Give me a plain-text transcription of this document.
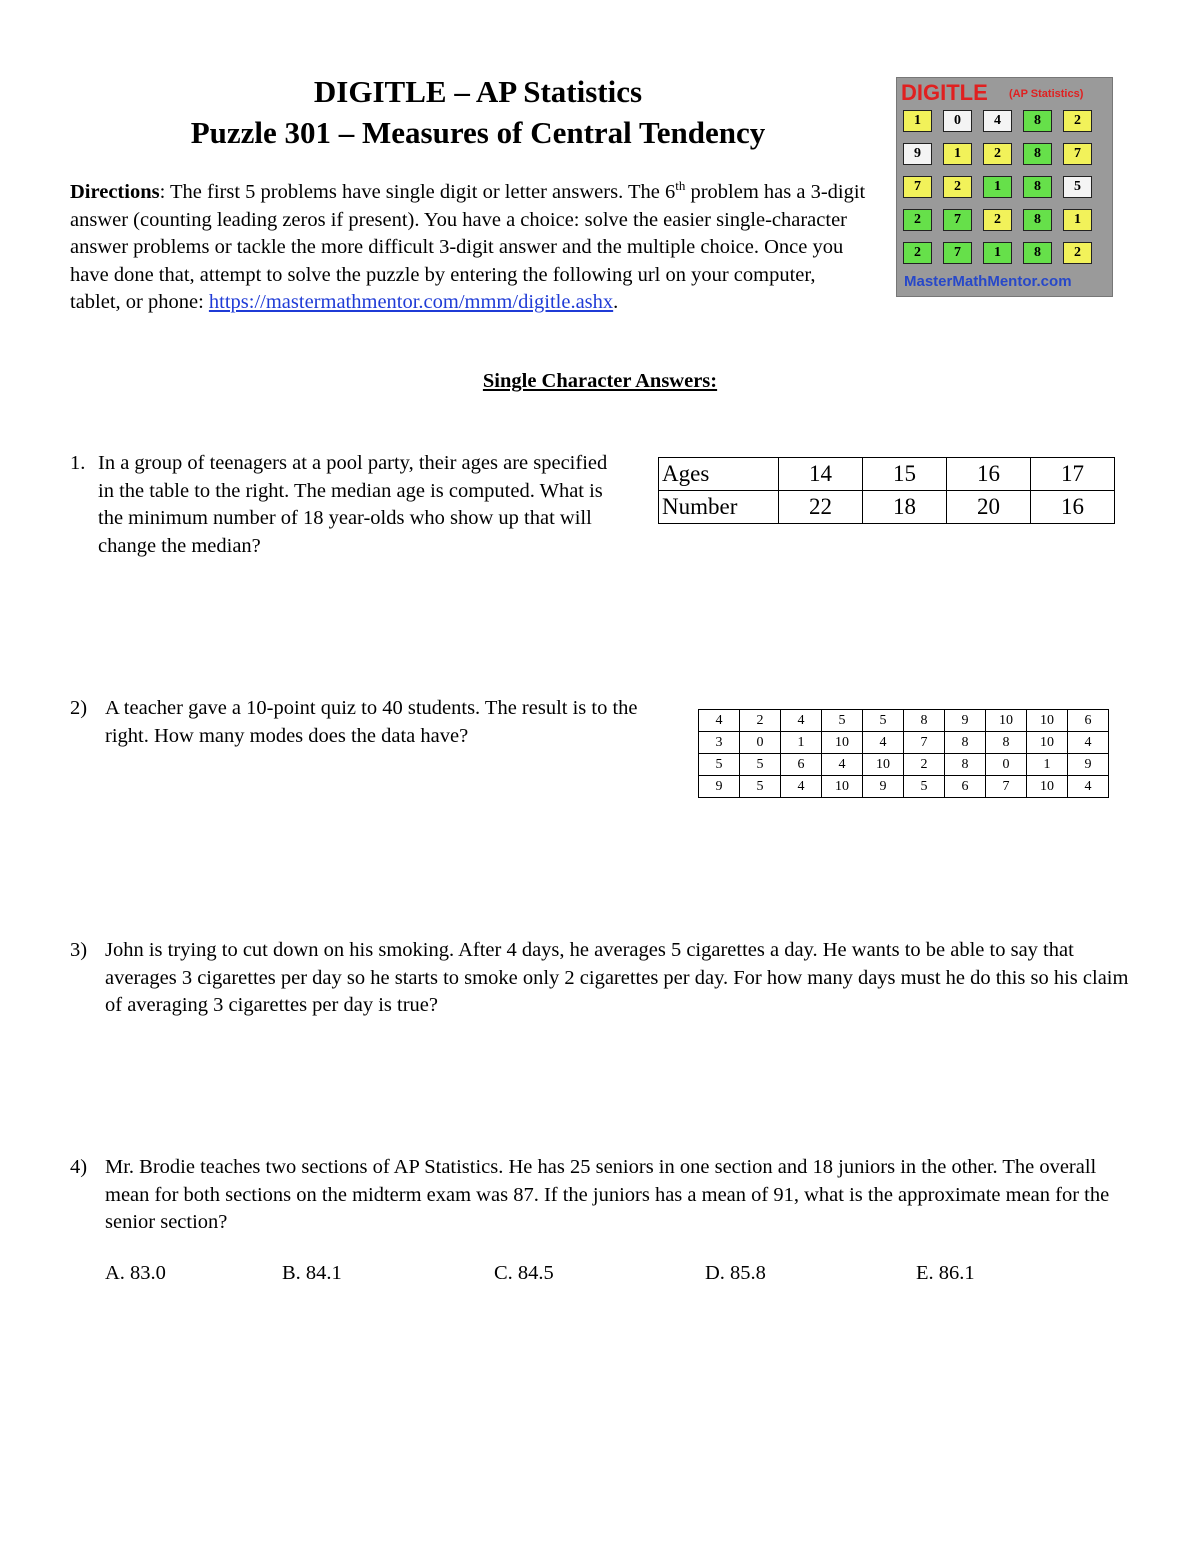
DIGITLE – AP Statistics
Puzzle 301 – Measures of Central Tendency
Directions: The first 5 problems have single digit or letter answers. The 6th problem has a 3-digit answer (counting leading zeros if present). You have a choice: solve the easier single-character answer problems or tackle the more difficult 3-digit answer and the multiple choice. Once you have done that, attempt to solve the puzzle by entering the following url on your computer, tablet, or phone: https://mastermathmentor.com/mmm/digitle.ashx.
DIGITLE (AP Statistics)
1	0	4	8	2
9	1	2	8	7
7	2	1	8	5
2	7	2	8	1
2	7	1	8	2
MasterMathMentor.com
Single Character Answers:
1. In a group of teenagers at a pool party, their ages are specified in the table to the right. The median age is computed. What is the minimum number of 18 year-olds who show up that will change the median?
Ages	14	15	16	17
Number	22	18	20	16
2) A teacher gave a 10-point quiz to 40 students. The result is to the right. How many modes does the data have?
4	2	4	5	5	8	9	10	10	6
3	0	1	10	4	7	8	8	10	4
5	5	6	4	10	2	8	0	1	9
9	5	4	10	9	5	6	7	10	4
3) John is trying to cut down on his smoking. After 4 days, he averages 5 cigarettes a day. He wants to be able to say that averages 3 cigarettes per day so he starts to smoke only 2 cigarettes per day. For how many days must he do this so his claim of averaging 3 cigarettes per day is true?
4) Mr. Brodie teaches two sections of AP Statistics. He has 25 seniors in one section and 18 juniors in the other. The overall mean for both sections on the midterm exam was 87. If the juniors has a mean of 91, what is the approximate mean for the senior section?
A. 83.0	B. 84.1	C. 84.5	D. 85.8	E. 86.1
